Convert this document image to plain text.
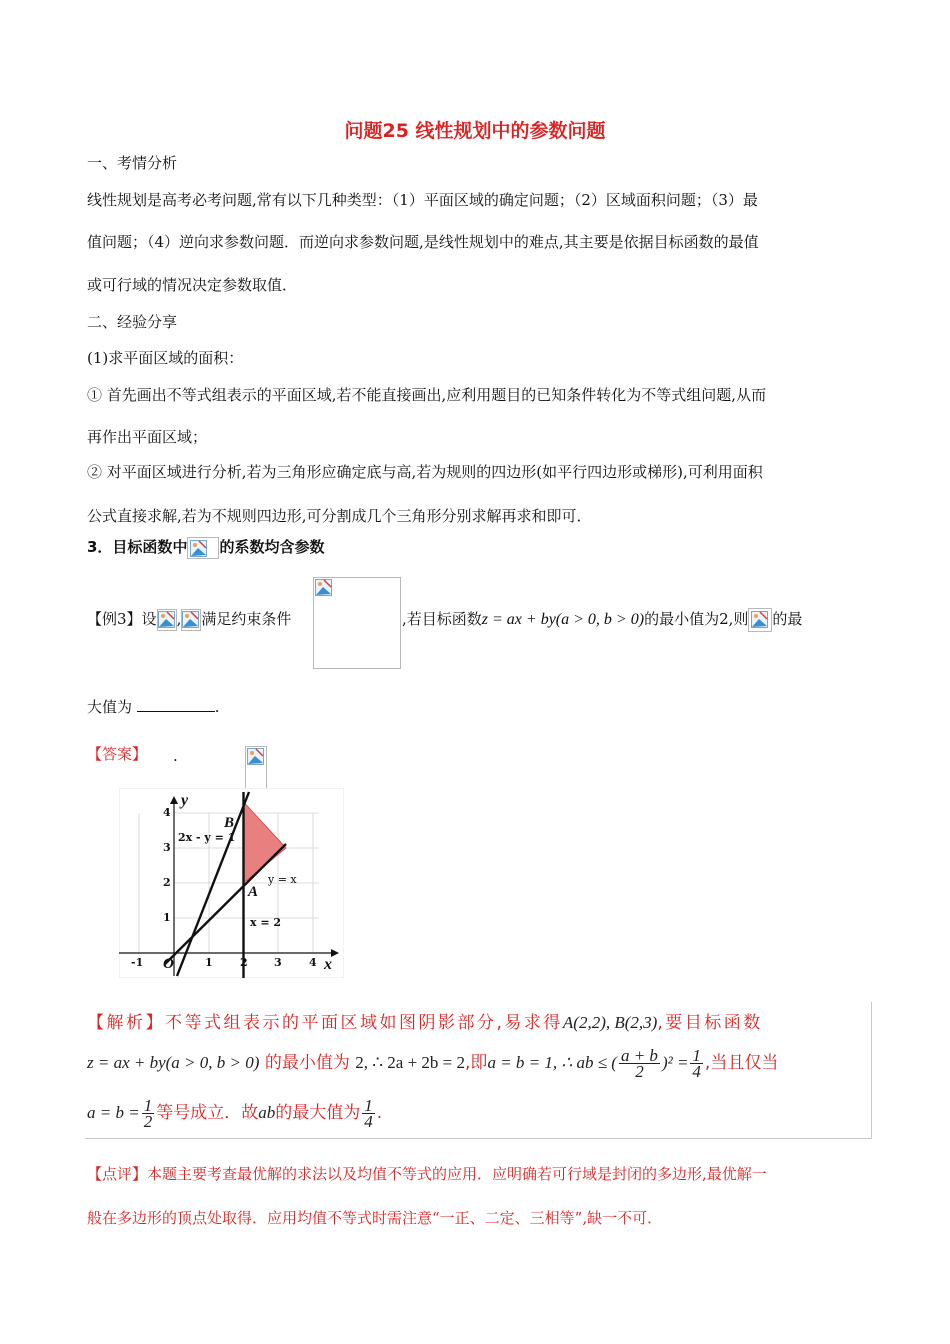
问题25 线性规划中的参数问题
一、考情分析
线性规划是高考必考问题,常有以下几种类型：（1）平面区域的确定问题；（2）区域面积问题；（3）最
值问题；（4）逆向求参数问题．而逆向求参数问题,是线性规划中的难点,其主要是依据目标函数的最值
或可行域的情况决定参数取值．
二、经验分享
(1)求平面区域的面积：
① 首先画出不等式组表示的平面区域,若不能直接画出,应利用题目的已知条件转化为不等式组问题,从而
再作出平面区域；
② 对平面区域进行分析,若为三角形应确定底与高,若为规则的四边形(如平行四边形或梯形),可利用面积
公式直接求解,若为不规则四边形,可分割成几个三角形分别求解再求和即可．
3．目标函数中 的系数均含参数
【例3】设 , 满足约束条件
	,若目标函数z = ax + by(a > 0, b > 0)的最小值为2,则 的最
大值为	.
【答案】 .
y
x
O
-1	1 2 3 4
1
2
3
4
2x - y = 1
y = x
x = 2
A
B
【解析】不等式组表示的平面区域如图阴影部分,易求得A(2,2), B(2,3),要目标函数
z = ax + by(a > 0, b > 0) 的最小值为 2, ∴ 2a + 2b = 2,即a = b = 1, ∴ ab ≤ ( $\frac{a + b}{2} )^2 = \frac{1}{4}$ ,当且仅当
$a = b = \frac{1}{2}$ 等号成立．故ab的最大值为 $\frac{1}{4}$ .
【点评】本题主要考查最优解的求法以及均值不等式的应用．应明确若可行域是封闭的多边形,最优解一
般在多边形的顶点处取得．应用均值不等式时需注意“一正、二定、三相等”,缺一不可．
